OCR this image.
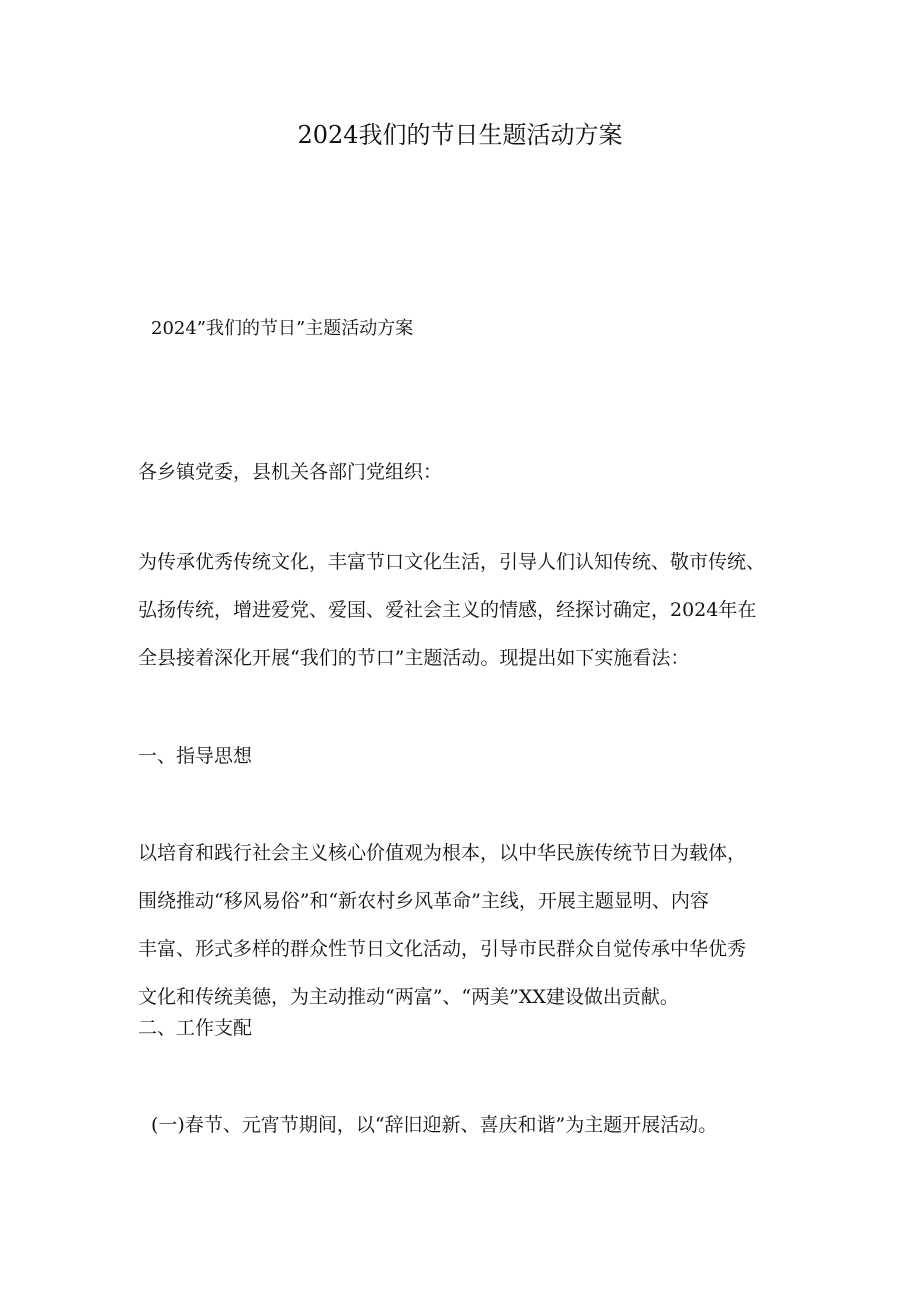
2024我们的节日生题活动方案

2024”我们的节日”主题活动方案

各乡镇党委，县机关各部门党组织：

为传承优秀传统文化，丰富节口文化生活，引导人们认知传统、敬市传统、
弘扬传统，增进爱党、爱国、爱社会主义的情感，经探讨确定，2024年在
全县接着深化开展“我们的节口”主题活动。现提出如下实施看法：

一、指导思想

以培育和践行社会主义核心价值观为根本，以中华民族传统节日为载体，
围绕推动“移风易俗”和“新农村乡风革命”主线，开展主题显明、内容
丰富、形式多样的群众性节日文化活动，引导市民群众自觉传承中华优秀
文化和传统美德，为主动推动“两富”、“两美”XX建设做出贡献。

二、工作支配

(一)春节、元宵节期间，以“辞旧迎新、喜庆和谐”为主题开展活动。
